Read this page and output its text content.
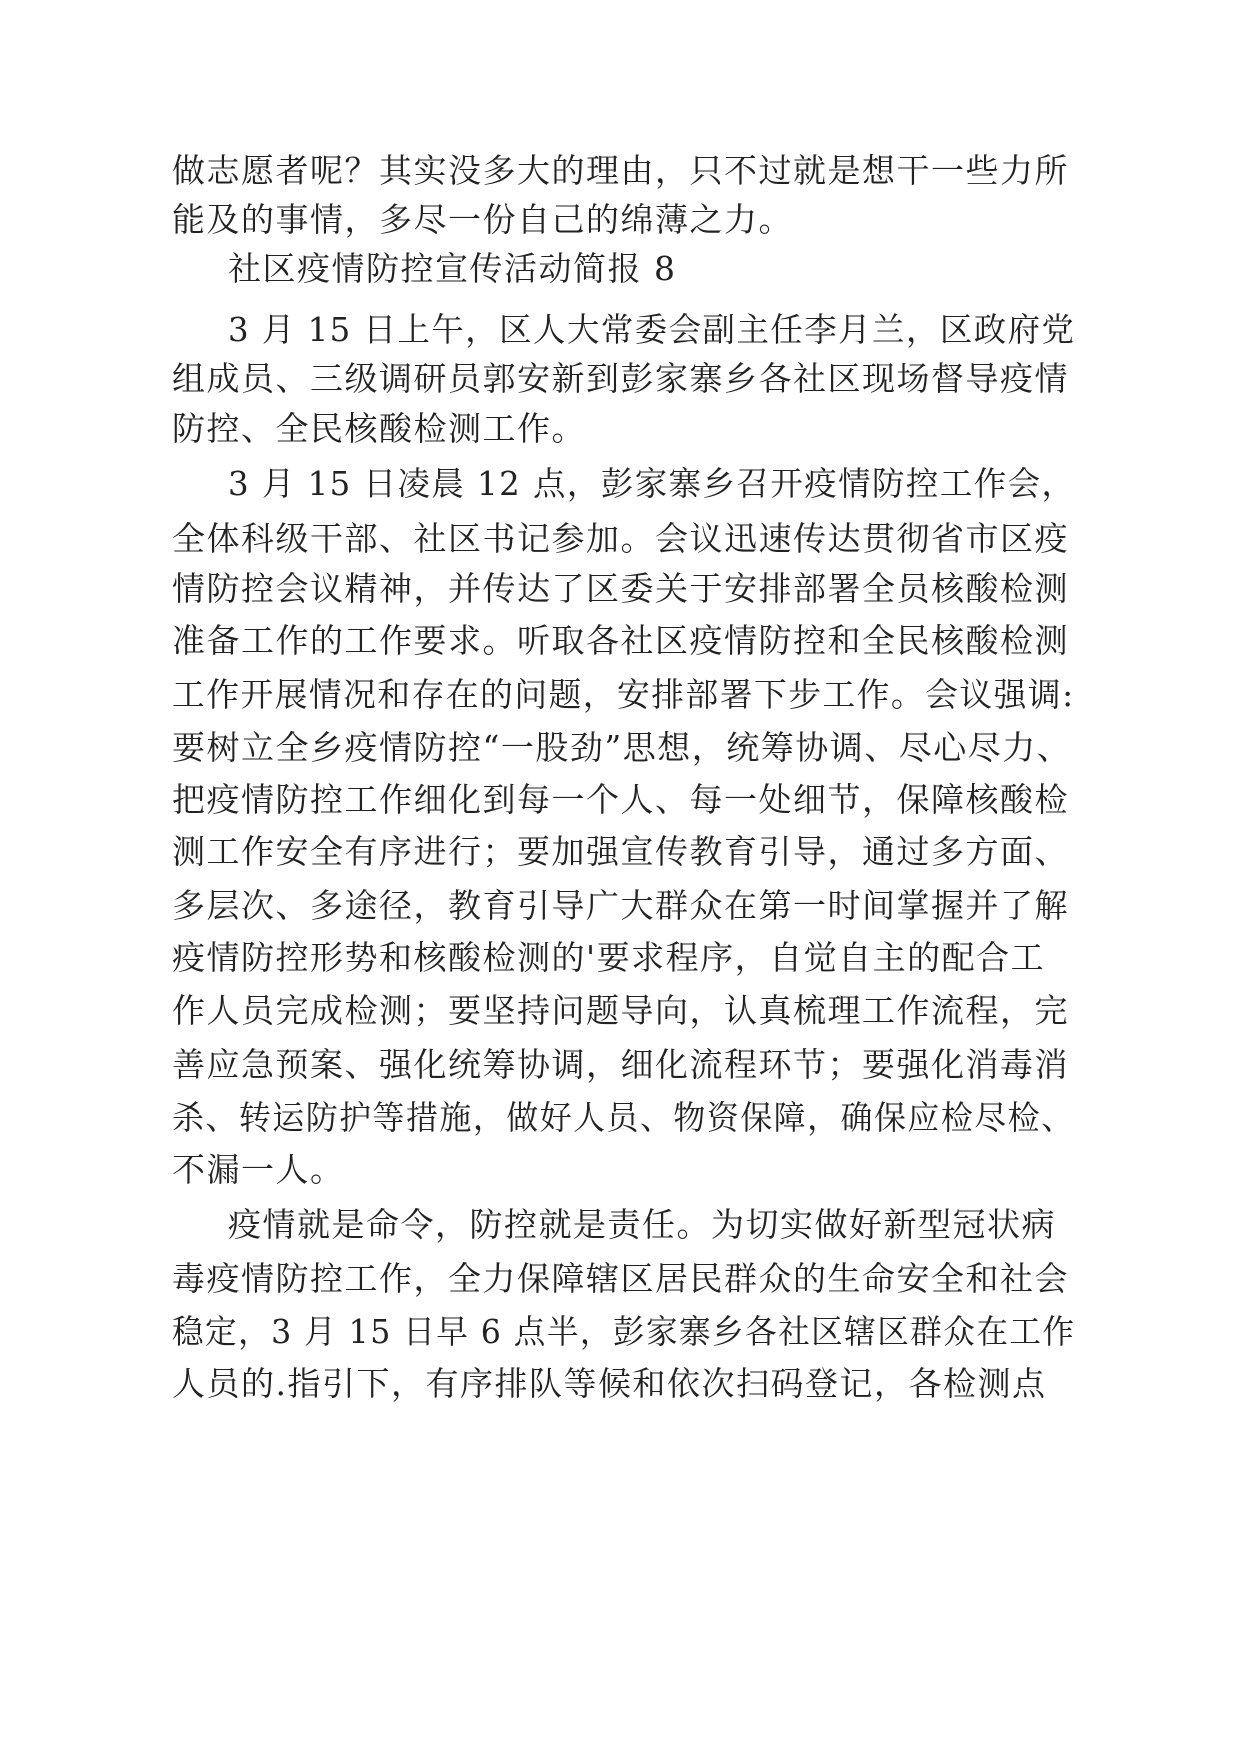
做志愿者呢？其实没多大的理由，只不过就是想干一些力所
能及的事情，多尽一份自己的绵薄之力。
社区疫情防控宣传活动简报 8
3 月 15 日上午，区人大常委会副主任李月兰，区政府党
组成员、三级调研员郭安新到彭家寨乡各社区现场督导疫情
防控、全民核酸检测工作。
3 月 15 日凌晨 12 点，彭家寨乡召开疫情防控工作会，
全体科级干部、社区书记参加。会议迅速传达贯彻省市区疫
情防控会议精神，并传达了区委关于安排部署全员核酸检测
准备工作的工作要求。听取各社区疫情防控和全民核酸检测
工作开展情况和存在的问题，安排部署下步工作。会议强调:
要树立全乡疫情防控“一股劲”思想，统筹协调、尽心尽力、
把疫情防控工作细化到每一个人、每一处细节，保障核酸检
测工作安全有序进行；要加强宣传教育引导，通过多方面、
多层次、多途径，教育引导广大群众在第一时间掌握并了解
疫情防控形势和核酸检测的'要求程序，自觉自主的配合工
作人员完成检测；要坚持问题导向，认真梳理工作流程，完
善应急预案、强化统筹协调，细化流程环节；要强化消毒消
杀、转运防护等措施，做好人员、物资保障，确保应检尽检、
不漏一人。
疫情就是命令，防控就是责任。为切实做好新型冠状病
毒疫情防控工作，全力保障辖区居民群众的生命安全和社会
稳定，3 月 15 日早 6 点半，彭家寨乡各社区辖区群众在工作
人员的.指引下，有序排队等候和依次扫码登记，各检测点
